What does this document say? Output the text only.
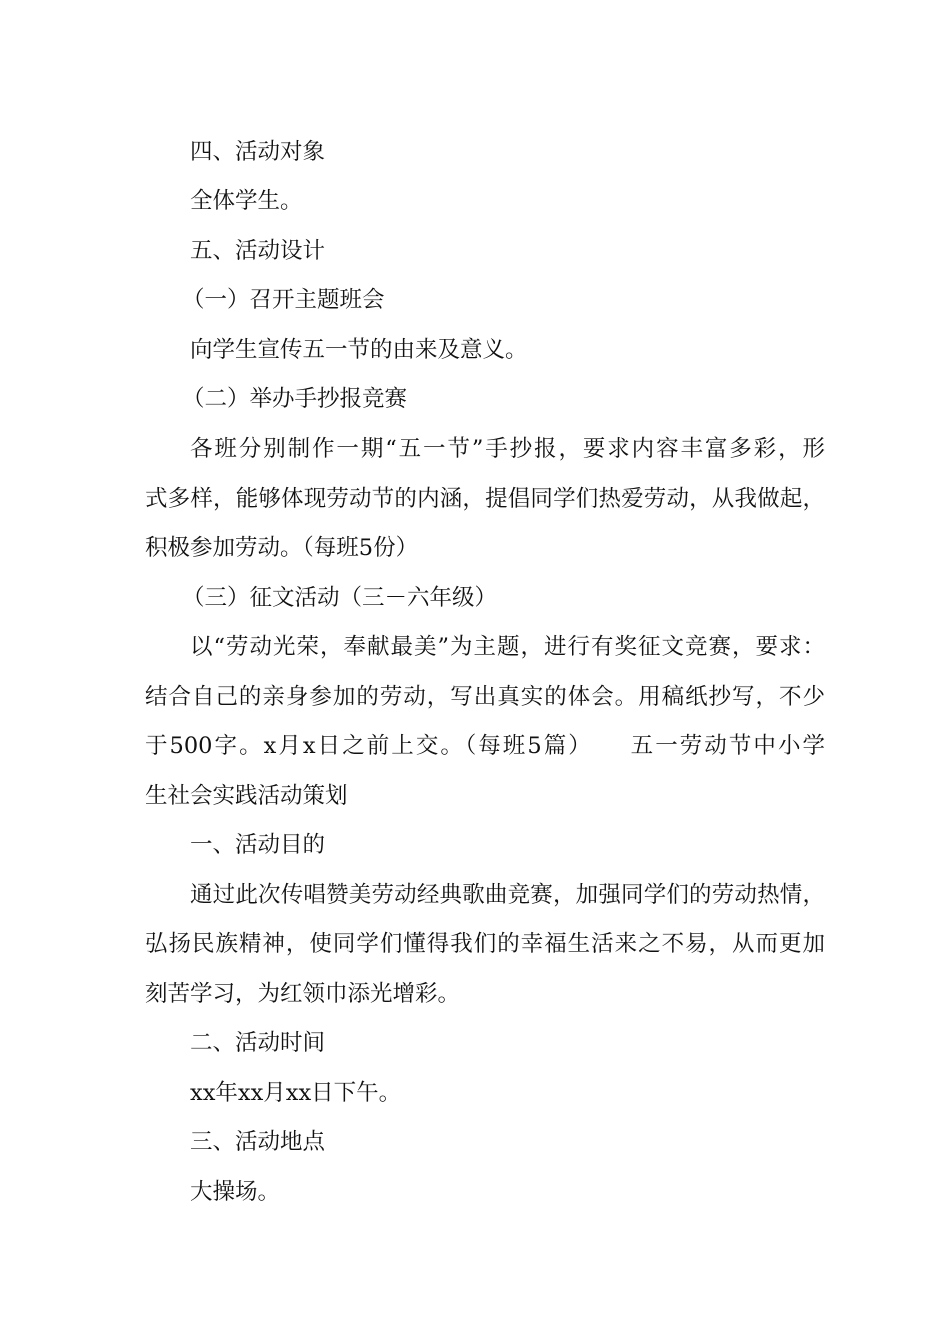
四、活动对象
全体学生。
五、活动设计
（一）召开主题班会
向学生宣传五一节的由来及意义。
（二）举办手抄报竞赛
各班分别制作一期“五一节”手抄报，要求内容丰富多彩，形
式多样，能够体现劳动节的内涵，提倡同学们热爱劳动，从我做起，
积极参加劳动。（每班5份）
（三）征文活动（三－六年级）
以“劳动光荣，奉献最美”为主题，进行有奖征文竞赛，要求：
结合自己的亲身参加的劳动，写出真实的体会。用稿纸抄写，不少
于500字。x月x日之前上交。（每班5篇）　　五一劳动节中小学
生社会实践活动策划
一、活动目的
通过此次传唱赞美劳动经典歌曲竞赛，加强同学们的劳动热情，
弘扬民族精神，使同学们懂得我们的幸福生活来之不易，从而更加
刻苦学习，为红领巾添光增彩。
二、活动时间
xx年xx月xx日下午。
三、活动地点
大操场。
